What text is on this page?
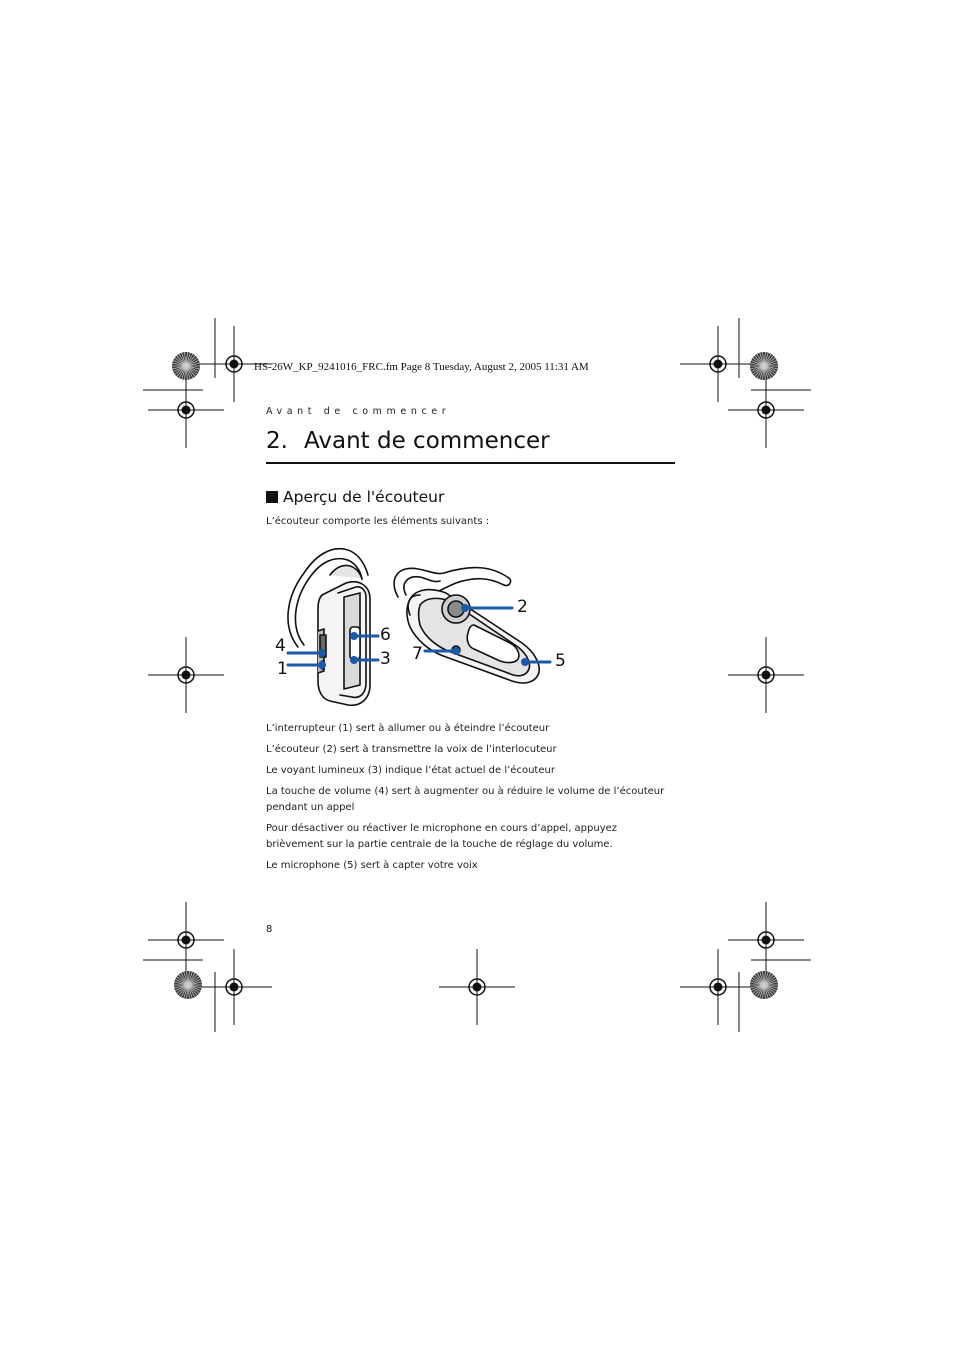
HS-26W_KP_9241016_FRC.fm Page 8 Tuesday, August 2, 2005 11:31 AM
Avant de commencer
2. Avant de commencer
Aperçu de l'écouteur
L’écouteur comporte les éléments suivants :
1
2
3
4
5
6
7
L’interrupteur (1) sert à allumer ou à éteindre l’écouteur
L’écouteur (2) sert à transmettre la voix de l’interlocuteur
Le voyant lumineux (3) indique l’état actuel de l’écouteur
La touche de volume (4) sert à augmenter ou à réduire le volume de l’écouteur pendant un appel
Pour désactiver ou réactiver le microphone en cours d’appel, appuyez brièvement sur la partie centrale de la touche de réglage du volume.
Le microphone (5) sert à capter votre voix
8
